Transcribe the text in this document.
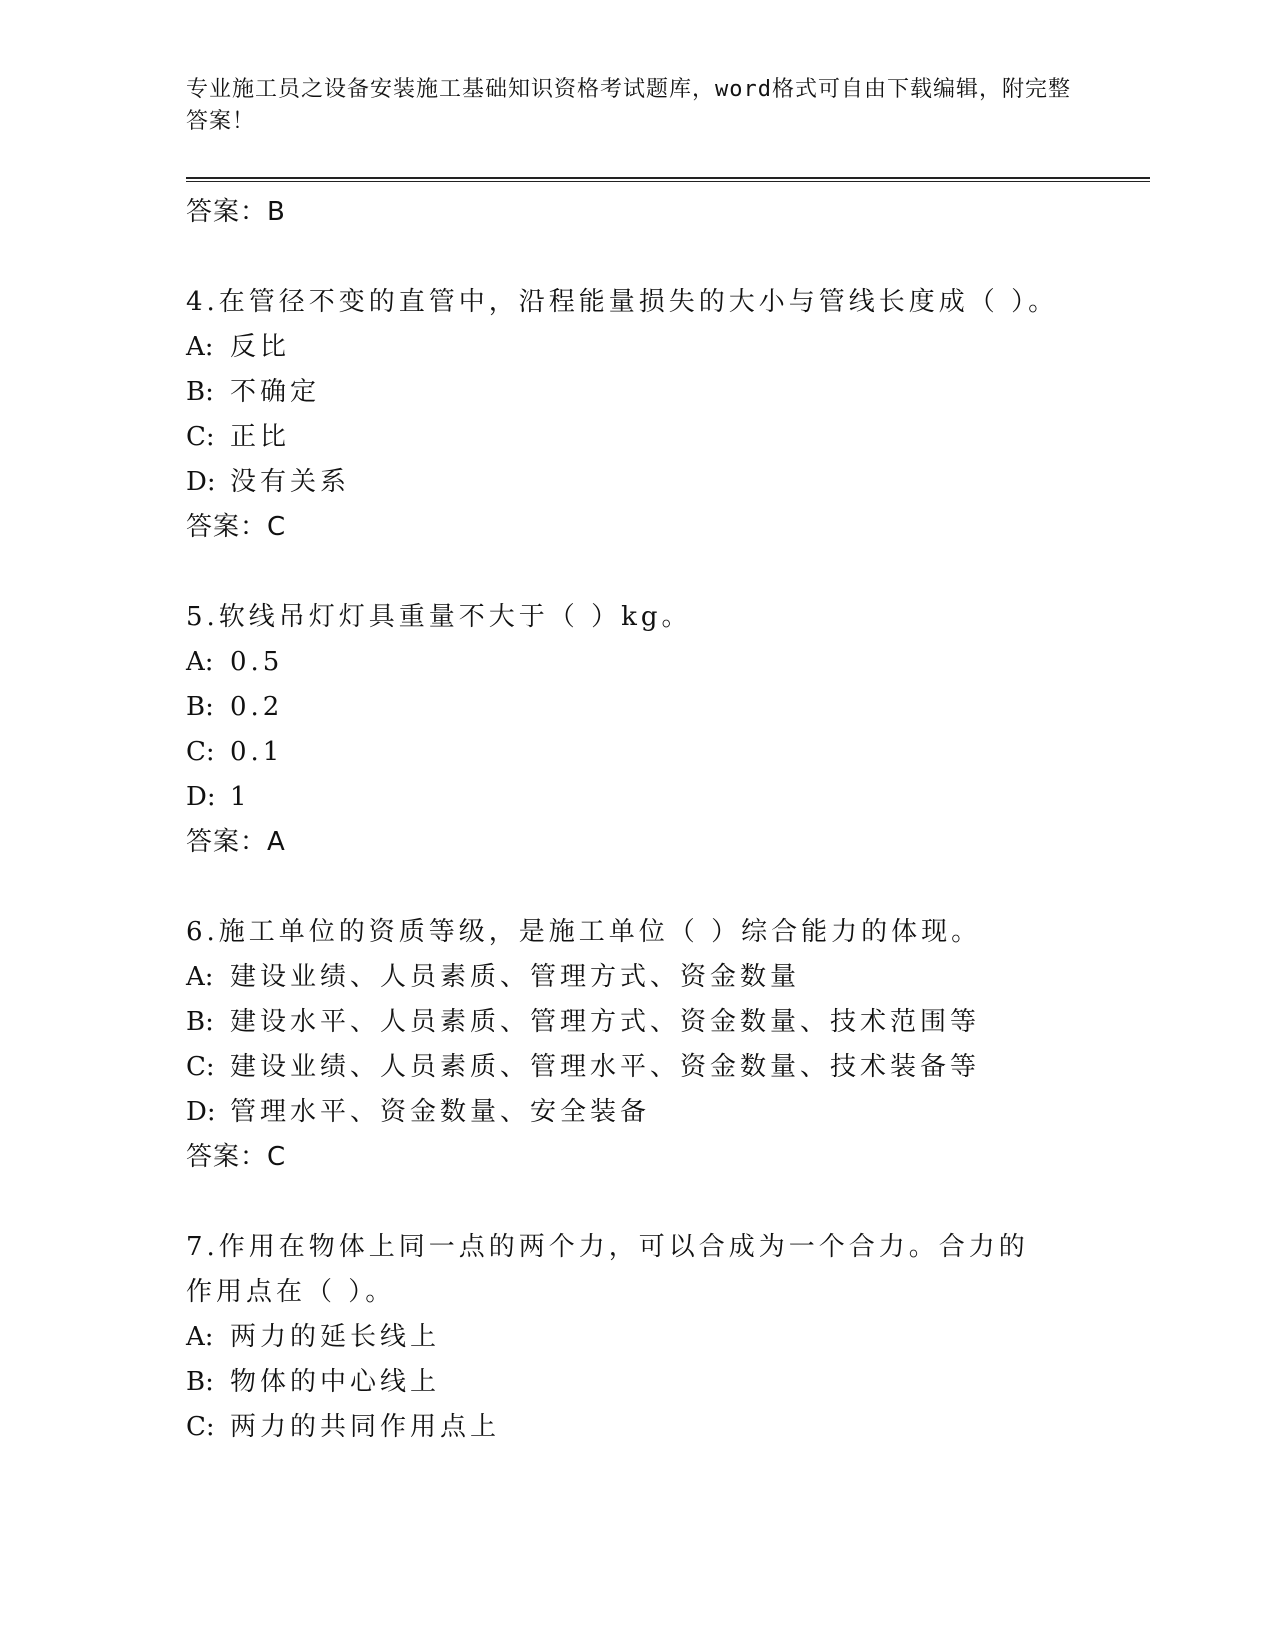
专业施工员之设备安装施工基础知识资格考试题库，word格式可自由下载编辑，附完整答案！
答案：B
4.在管径不变的直管中，沿程能量损失的大小与管线长度成（ ）。
A: 反比
B: 不确定
C: 正比
D: 没有关系
答案：C
5.软线吊灯灯具重量不大于（ ）kg。
A: 0.5
B: 0.2
C: 0.1
D: 1
答案：A
6.施工单位的资质等级，是施工单位（ ）综合能力的体现。
A: 建设业绩、人员素质、管理方式、资金数量
B: 建设水平、人员素质、管理方式、资金数量、技术范围等
C: 建设业绩、人员素质、管理水平、资金数量、技术装备等
D: 管理水平、资金数量、安全装备
答案：C
7.作用在物体上同一点的两个力，可以合成为一个合力。合力的作用点在（ ）。
A: 两力的延长线上
B: 物体的中心线上
C: 两力的共同作用点上
